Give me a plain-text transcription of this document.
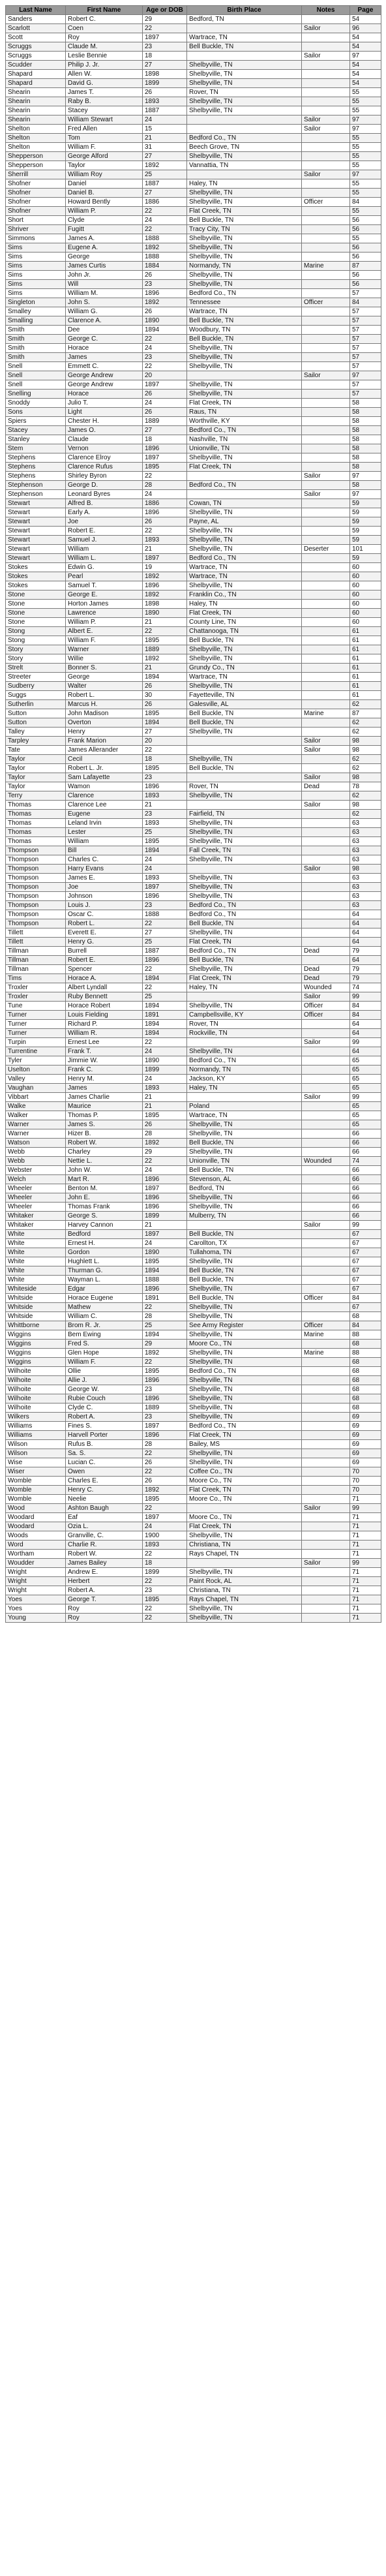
Last Name	First Name	Age or DOB	Birth Place	Notes	Page
Sanders	Robert C.	29	Bedford, TN		54
Scarlott	Coen	22		Sailor	96
Scott	Roy	1897	Wartrace, TN		54
Scruggs	Claude M.	23	Bell Buckle, TN		54
Scruggs	Leslie Bennie	18		Sailor	97
Scudder	Philip J. Jr.	27	Shelbyville, TN		54
Shapard	Allen W.	1898	Shelbyville, TN		54
Shapard	David G.	1899	Shelbyville, TN		54
Shearin	James T.	26	Rover, TN		55
Shearin	Raby B.	1893	Shelbyville, TN		55
Shearin	Stacey	1887	Shelbyville, TN		55
Shearin	William Stewart	24		Sailor	97
Shelton	Fred Allen	15		Sailor	97
Shelton	Tom	21	Bedford Co., TN		55
Shelton	William F.	31	Beech Grove, TN		55
Shepperson	George Alford	27	Shelbyville, TN		55
Shepperson	Taylor	1892	Vannattia, TN		55
Sherrill	William Roy	25		Sailor	97
Shofner	Daniel	1887	Haley, TN		55
Shofner	Daniel B.	27	Shelbyville, TN		55
Shofner	Howard Bently	1886	Shelbyville, TN	Officer	84
Shofner	William P.	22	Flat Creek, TN		55
Short	Clyde	24	Bell Buckle, TN		56
Shriver	Fugitt	22	Tracy City, TN		56
Simmons	James A.	1888	Shelbyville, TN		55
Sims	Eugene A.	1892	Shelbyville, TN		56
Sims	George	1888	Shelbyville, TN		56
Sims	James Curtis	1884	Normandy, TN	Marine	87
Sims	John Jr.	26	Shelbyville, TN		56
Sims	Will	23	Shelbyville, TN		56
Sims	William M.	1896	Bedford Co., TN		57
Singleton	John S.	1892	Tennessee	Officer	84
Smalley	William G.	26	Wartrace, TN		57
Smalling	Clarence A.	1890	Bell Buckle, TN		57
Smith	Dee	1894	Woodbury, TN		57
Smith	George C.	22	Bell Buckle, TN		57
Smith	Horace	24	Shelbyville, TN		57
Smith	James	23	Shelbyville, TN		57
Snell	Emmett C.	22	Shelbyville, TN		57
Snell	George Andrew	20		Sailor	97
Snell	George Andrew	1897	Shelbyville, TN		57
Snelling	Horace	26	Shelbyville, TN		57
Snoddy	Julio T.	24	Flat Creek, TN		58
Sons	Light	26	Raus, TN		58
Spiers	Chester H.	1889	Worthville, KY		58
Stacey	James O.	27	Bedford Co., TN		58
Stanley	Claude	18	Nashville, TN		58
Stem	Vernon	1896	Unionville, TN		58
Stephens	Clarence Elroy	1897	Shelbyville, TN		58
Stephens	Clarence Rufus	1895	Flat Creek, TN		58
Stephens	Shirley Byron	22		Sailor	97
Stephenson	George D.	28	Bedford Co., TN		58
Stephenson	Leonard Byres	24		Sailor	97
Stewart	Alfred B.	1886	Cowan, TN		59
Stewart	Early A.	1896	Shelbyville, TN		59
Stewart	Joe	26	Payne, AL		59
Stewart	Robert E.	22	Shelbyville, TN		59
Stewart	Samuel J.	1893	Shelbyville, TN		59
Stewart	William	21	Shelbyville, TN	Deserter	101
Stewart	William L.	1897	Bedford Co., TN		59
Stokes	Edwin G.	19	Wartrace, TN		60
Stokes	Pearl	1892	Wartrace, TN		60
Stokes	Samuel T.	1896	Shelbyville, TN		60
Stone	George E.	1892	Franklin Co., TN		60
Stone	Horton James	1898	Haley, TN		60
Stone	Lawrence	1890	Flat Creek, TN		60
Stone	William P.	21	County Line, TN		60
Stong	Albert E.	22	Chattanooga, TN		61
Stong	William F.	1895	Bell Buckle, TN		61
Story	Warner	1889	Shelbyville, TN		61
Story	Willie	1892	Shelbyville, TN		61
Strelt	Bonner S.	21	Grundy Co., TN		61
Streeter	George	1894	Wartrace, TN		61
Sudberry	Walter	26	Shelbyville, TN		61
Suggs	Robert L.	30	Fayetteville, TN		61
Sutherlin	Marcus H.	26	Galesville, AL		62
Sutton	John Madison	1895	Bell Buckle, TN	Marine	87
Sutton	Overton	1894	Bell Buckle, TN		62
Talley	Henry	27	Shelbyville, TN		62
Tarpley	Frank Marion	20		Sailor	98
Tate	James Allerander	22		Sailor	98
Taylor	Cecil	18	Shelbyville, TN		62
Taylor	Robert L. Jr.	1895	Bell Buckle, TN		62
Taylor	Sam Lafayette	23		Sailor	98
Taylor	Wamon	1896	Rover, TN	Dead	78
Terry	Clarence	1893	Shelbyville, TN		62
Thomas	Clarence Lee	21		Sailor	98
Thomas	Eugene	23	Fairfield, TN		62
Thomas	Leland Irvin	1893	Shelbyville, TN		63
Thomas	Lester	25	Shelbyville, TN		63
Thomas	William	1895	Shelbyville, TN		63
Thompson	Bill	1894	Fall Creek, TN		63
Thompson	Charles C.	24	Shelbyville, TN		63
Thompson	Harry Evans	24		Sailor	98
Thompson	James E.	1893	Shelbyville, TN		63
Thompson	Joe	1897	Shelbyville, TN		63
Thompson	Johnson	1896	Shelbyville, TN		63
Thompson	Louis J.	23	Bedford Co., TN		63
Thompson	Oscar C.	1888	Bedford Co., TN		64
Thompson	Robert L.	22	Bell Buckle, TN		64
Tillett	Everett E.	27	Shelbyville, TN		64
Tillett	Henry G.	25	Flat Creek, TN		64
Tillman	Burrell	1887	Bedford Co., TN	Dead	79
Tillman	Robert E.	1896	Bell Buckle, TN		64
Tillman	Spencer	22	Shelbyville, TN	Dead	79
Tims	Horace A.	1894	Flat Creek, TN	Dead	79
Troxler	Albert Lyndall	22	Haley, TN	Wounded	74
Troxler	Ruby Bennett	25		Sailor	99
Tune	Horace Robert	1894	Shelbyville, TN	Officer	84
Turner	Louis Fielding	1891	Campbellsville, KY	Officer	84
Turner	Richard P.	1894	Rover, TN		64
Turner	William R.	1894	Rockville, TN		64
Turpin	Ernest Lee	22		Sailor	99
Turrentine	Frank T.	24	Shelbyville, TN		64
Tyler	Jimmie W.	1890	Bedford Co., TN		65
Uselton	Frank C.	1899	Normandy, TN		65
Valley	Henry M.	24	Jackson, KY		65
Vaughan	James	1893	Haley, TN		65
Vibbart	James Charlie	21		Sailor	99
Walke	Maurice	21	Poland		65
Walker	Thomas P.	1895	Wartrace, TN		65
Warner	James S.	26	Shelbyville, TN		65
Warner	Hizer B.	28	Shelbyville, TN		66
Watson	Robert W.	1892	Bell Buckle, TN		66
Webb	Charley	29	Shelbyville, TN		66
Webb	Nettie L.	22	Unionville, TN	Wounded	74
Webster	John W.	24	Bell Buckle, TN		66
Welch	Mart R.	1896	Stevenson, AL		66
Wheeler	Benton M.	1897	Bedford, TN		66
Wheeler	John E.	1896	Shelbyville, TN		66
Wheeler	Thomas Frank	1896	Shelbyville, TN		66
Whitaker	George S.	1899	Mulberry, TN		66
Whitaker	Harvey Cannon	21		Sailor	99
White	Bedford	1897	Bell Buckle, TN		67
White	Ernest H.	24	Carollton, TX		67
White	Gordon	1890	Tullahoma, TN		67
White	Hughlett L.	1895	Shelbyville, TN		67
White	Thurman G.	1894	Bell Buckle, TN		67
White	Wayman L.	1888	Bell Buckle, TN		67
Whiteside	Edgar	1896	Shelbyville, TN		67
Whitside	Horace Eugene	1891	Bell Buckle, TN	Officer	84
Whitside	Mathew	22	Shelbyville, TN		67
Whitside	William C.	28	Shelbyville, TN		68
Whittborne	Brom R. Jr.	25	See Army Register	Officer	84
Wiggins	Bem Ewing	1894	Shelbyville, TN	Marine	88
Wiggins	Fred S.	29	Moore Co., TN		68
Wiggins	Glen Hope	1892	Shelbyville, TN	Marine	88
Wiggins	William F.	22	Shelbyville, TN		68
Wilhoite	Ollie	1895	Bedford Co., TN		68
Wilhoite	Allie J.	1896	Shelbyville, TN		68
Wilhoite	George W.	23	Shelbyville, TN		68
Wilhoite	Rubie Couch	1896	Shelbyville, TN		68
Wilhoite	Clyde C.	1889	Shelbyville, TN		68
Wilkers	Robert A.	23	Shelbyville, TN		69
Williams	Fines S.	1897	Bedford Co., TN		69
Williams	Harvell Porter	1896	Flat Creek, TN		69
Wilson	Rufus B.	28	Bailey, MS		69
Wilson	Sa. S.	22	Shelbyville, TN		69
Wise	Lucian C.	26	Shelbyville, TN		69
Wiser	Owen	22	Coffee Co., TN		70
Womble	Charles E.	26	Moore Co., TN		70
Womble	Henry C.	1892	Flat Creek, TN		70
Womble	Neelie	1895	Moore Co., TN		71
Wood	Ashton Baugh	22		Sailor	99
Woodard	Eaf	1897	Moore Co., TN		71
Woodard	Ozia L.	24	Flat Creek, TN		71
Woods	Granville, C.	1900	Shelbyville, TN		71
Word	Charlie R.	1893	Christiana, TN		71
Wortham	Robert W.	22	Rays Chapel, TN		71
Woudder	James Bailey	18		Sailor	99
Wright	Andrew E.	1899	Shelbyville, TN		71
Wright	Herbert	22	Paint Rock, AL		71
Wright	Robert A.	23	Christiana, TN		71
Yoes	George T.	1895	Rays Chapel, TN		71
Yoes	Roy	22	Shelbyville, TN		71
Young	Roy	22	Shelbyville, TN		71
